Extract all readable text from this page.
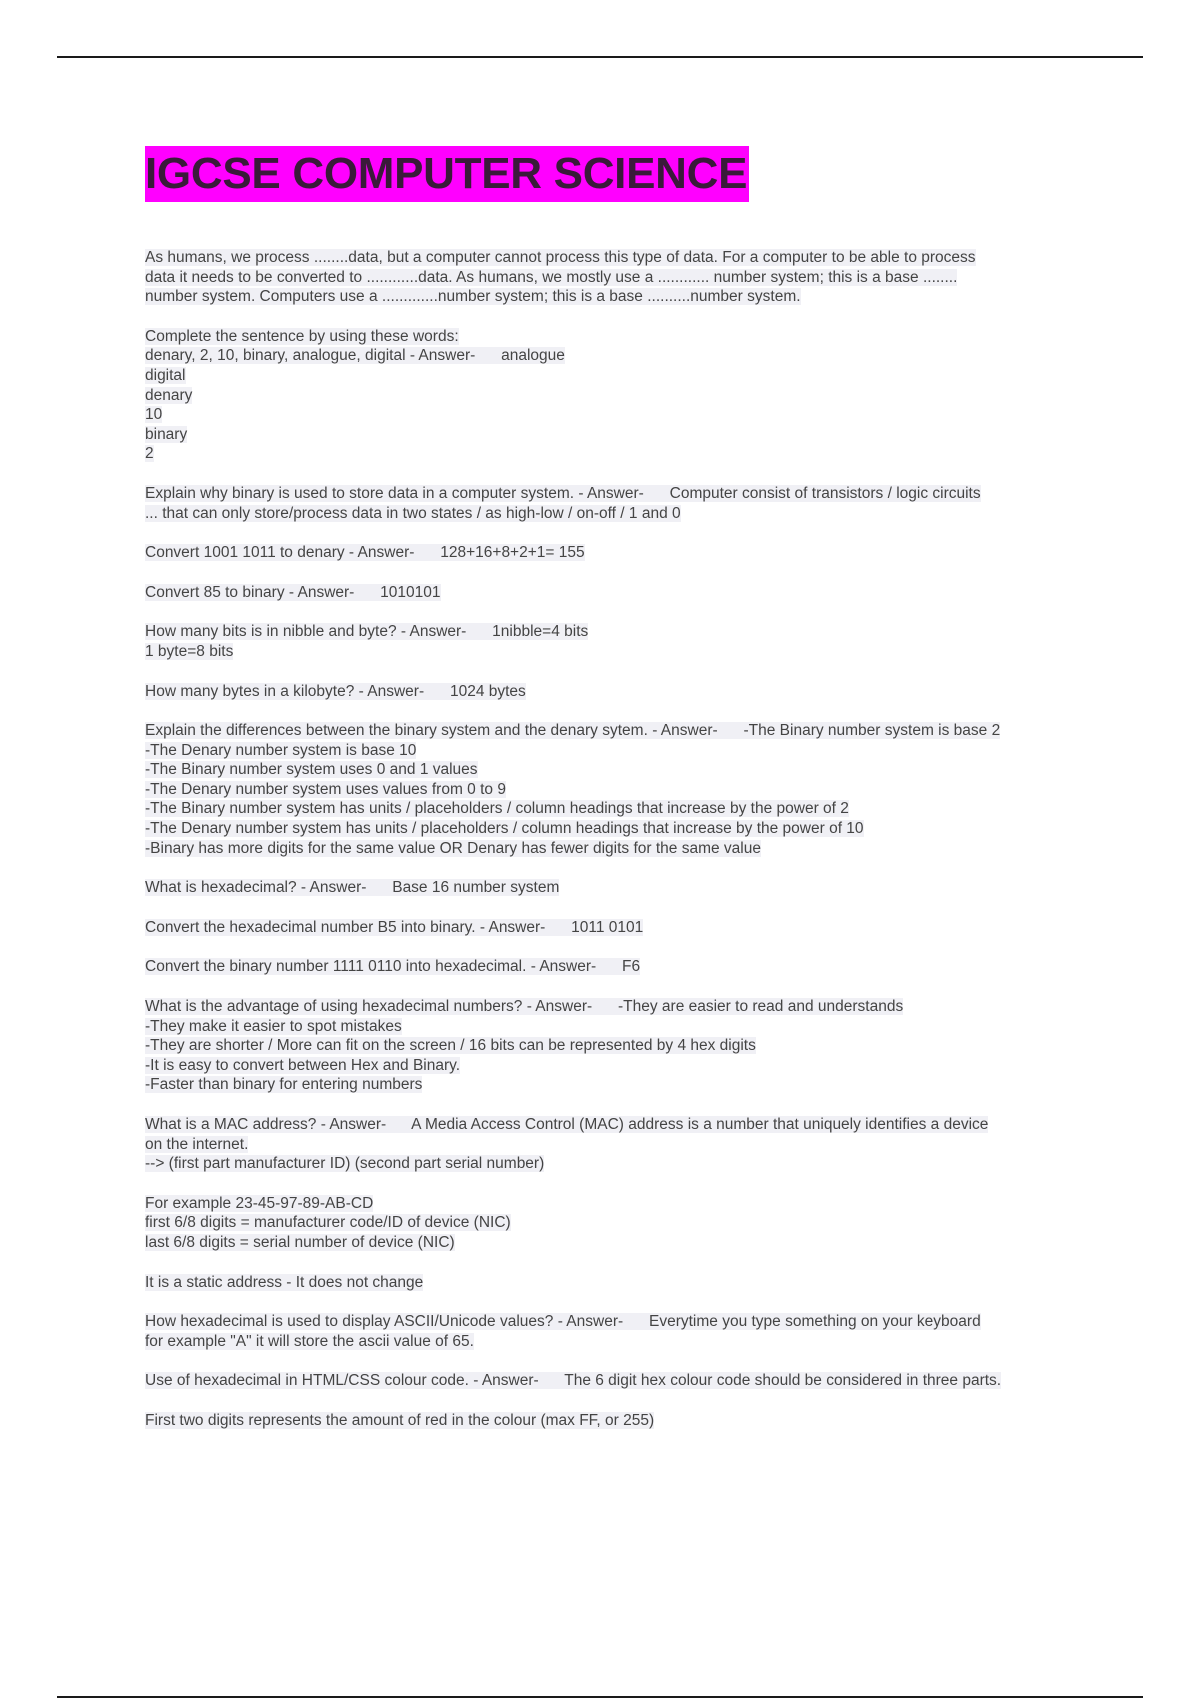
IGCSE COMPUTER SCIENCE

As humans, we process ........data, but a computer cannot process this type of data. For a computer to be able to process

data it needs to be converted to ............data. As humans, we mostly use a ............ number system; this is a base ........

number system. Computers use a .............number system; this is a base ..........number system.

Complete the sentence by using these words:

denary, 2, 10, binary, analogue, digital - Answer-      analogue

digital

denary

10

binary

2

Explain why binary is used to store data in a computer system. - Answer-      Computer consist of transistors / logic circuits

... that can only store/process data in two states / as high-low / on-off / 1 and 0

Convert 1001 1011 to denary - Answer-      128+16+8+2+1= 155

Convert 85 to binary - Answer-      1010101

How many bits is in nibble and byte? - Answer-      1nibble=4 bits

1 byte=8 bits

How many bytes in a kilobyte? - Answer-      1024 bytes

Explain the differences between the binary system and the denary sytem. - Answer-      -The Binary number system is base 2

-The Denary number system is base 10

-The Binary number system uses 0 and 1 values

-The Denary number system uses values from 0 to 9

-The Binary number system has units / placeholders / column headings that increase by the power of 2

-The Denary number system has units / placeholders / column headings that increase by the power of 10

-Binary has more digits for the same value OR Denary has fewer digits for the same value

What is hexadecimal? - Answer-      Base 16 number system

Convert the hexadecimal number B5 into binary. - Answer-      1011 0101

Convert the binary number 1111 0110 into hexadecimal. - Answer-      F6

What is the advantage of using hexadecimal numbers? - Answer-      -They are easier to read and understands

-They make it easier to spot mistakes

-They are shorter / More can fit on the screen / 16 bits can be represented by 4 hex digits

-It is easy to convert between Hex and Binary.

-Faster than binary for entering numbers

What is a MAC address? - Answer-      A Media Access Control (MAC) address is a number that uniquely identifies a device

on the internet.

--> (first part manufacturer ID) (second part serial number)

For example 23-45-97-89-AB-CD

first 6/8 digits = manufacturer code/ID of device (NIC)

last 6/8 digits = serial number of device (NIC)

It is a static address - It does not change

How hexadecimal is used to display ASCII/Unicode values? - Answer-      Everytime you type something on your keyboard

for example "A" it will store the ascii value of 65.

Use of hexadecimal in HTML/CSS colour code. - Answer-      The 6 digit hex colour code should be considered in three parts.

First two digits represents the amount of red in the colour (max FF, or 255)
